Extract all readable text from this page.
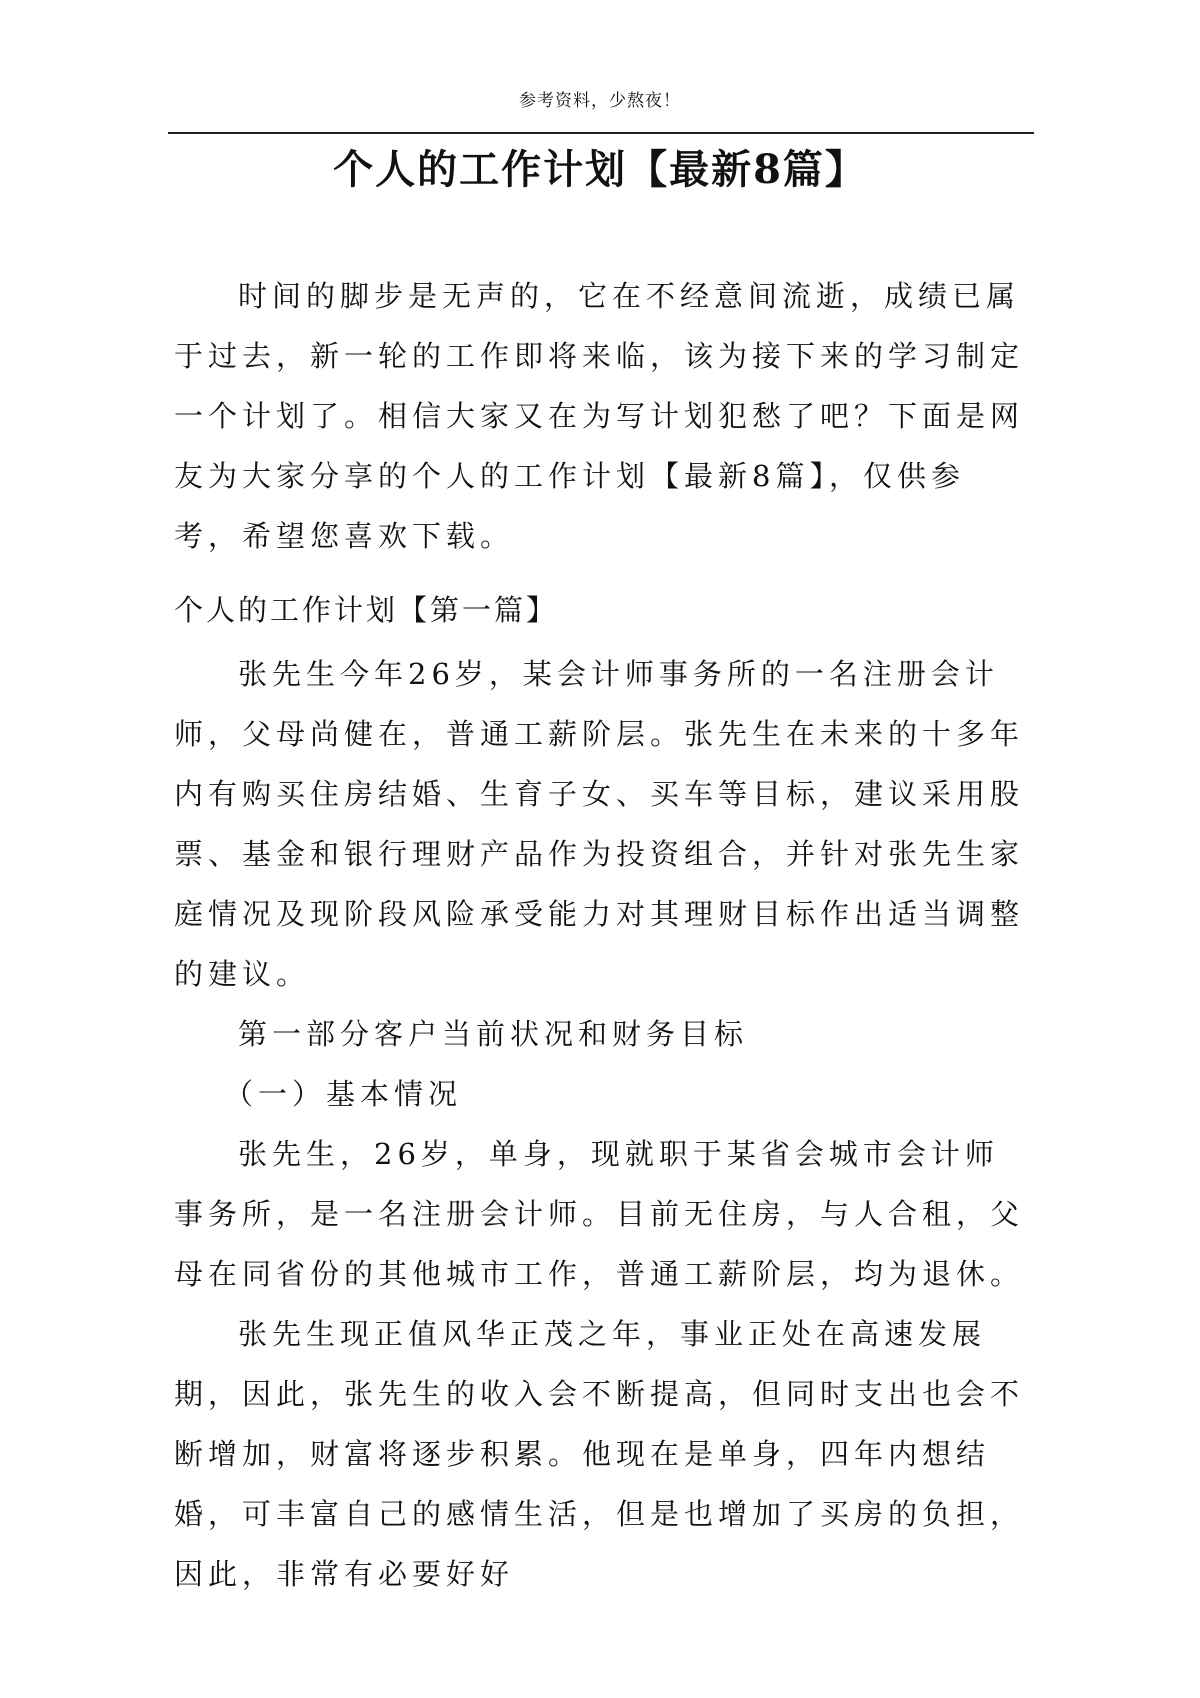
参考资料，少熬夜！
个人的工作计划【最新8篇】

时间的脚步是无声的，它在不经意间流逝，成绩已属于过去，新一轮的工作即将来临，该为接下来的学习制定一个计划了。相信大家又在为写计划犯愁了吧？下面是网友为大家分享的个人的工作计划【最新8篇】，仅供参考，希望您喜欢下载。

个人的工作计划【第一篇】

张先生今年26岁，某会计师事务所的一名注册会计师，父母尚健在，普通工薪阶层。张先生在未来的十多年内有购买住房结婚、生育子女、买车等目标，建议采用股票、基金和银行理财产品作为投资组合，并针对张先生家庭情况及现阶段风险承受能力对其理财目标作出适当调整的建议。

第一部分客户当前状况和财务目标

（一）基本情况

张先生，26岁，单身，现就职于某省会城市会计师事务所，是一名注册会计师。目前无住房，与人合租，父母在同省份的其他城市工作，普通工薪阶层，均为退休。

张先生现正值风华正茂之年，事业正处在高速发展期，因此，张先生的收入会不断提高，但同时支出也会不断增加，财富将逐步积累。他现在是单身，四年内想结婚，可丰富自己的感情生活，但是也增加了买房的负担，因此，非常有必要好好
